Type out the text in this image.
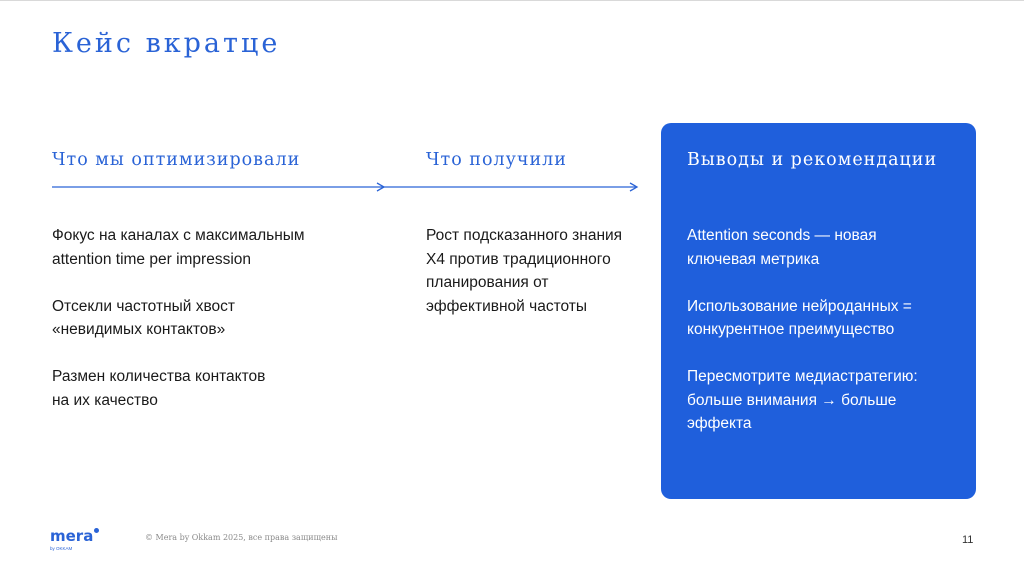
Кейс вкратце
Что мы оптимизировали

Фокус на каналах с максимальным
attention time per impression

Отсекли частотный хвост
«невидимых контактов»

Размен количества контактов
на их качество

Что получили

Рост подсказанного знания
Х4 против традиционного
планирования от
эффективной частоты

Выводы и рекомендации

Attention seconds — новая
ключевая метрика

Использование нейроданных =
конкурентное преимущество

Пересмотрите медиастратегию:
больше внимания → больше
эффекта

mera
by OKKAM
© Mera by Okkam 2025, все права защищены	11
